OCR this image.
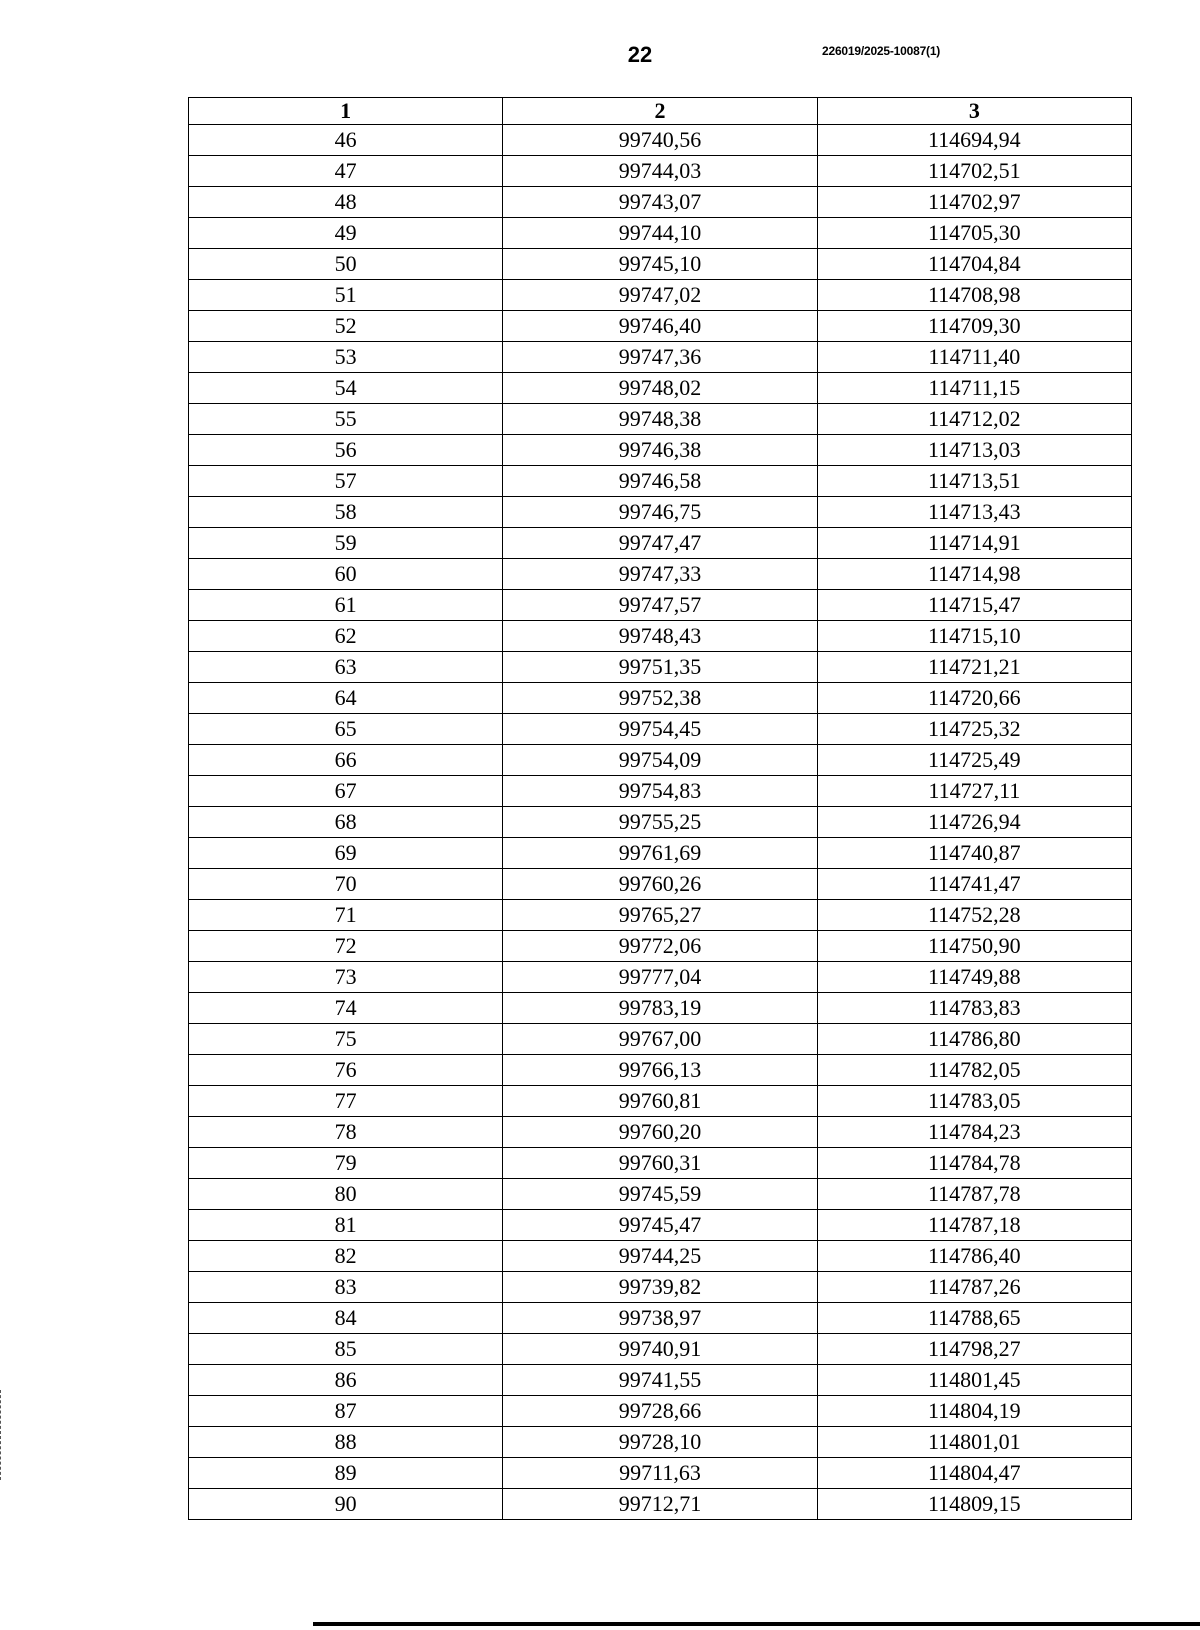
22	226019/2025-10087(1)
1	2	3
46	99740,56	114694,94
47	99744,03	114702,51
48	99743,07	114702,97
49	99744,10	114705,30
50	99745,10	114704,84
51	99747,02	114708,98
52	99746,40	114709,30
53	99747,36	114711,40
54	99748,02	114711,15
55	99748,38	114712,02
56	99746,38	114713,03
57	99746,58	114713,51
58	99746,75	114713,43
59	99747,47	114714,91
60	99747,33	114714,98
61	99747,57	114715,47
62	99748,43	114715,10
63	99751,35	114721,21
64	99752,38	114720,66
65	99754,45	114725,32
66	99754,09	114725,49
67	99754,83	114727,11
68	99755,25	114726,94
69	99761,69	114740,87
70	99760,26	114741,47
71	99765,27	114752,28
72	99772,06	114750,90
73	99777,04	114749,88
74	99783,19	114783,83
75	99767,00	114786,80
76	99766,13	114782,05
77	99760,81	114783,05
78	99760,20	114784,23
79	99760,31	114784,78
80	99745,59	114787,78
81	99745,47	114787,18
82	99744,25	114786,40
83	99739,82	114787,26
84	99738,97	114788,65
85	99740,91	114798,27
86	99741,55	114801,45
87	99728,66	114804,19
88	99728,10	114801,01
89	99711,63	114804,47
90	99712,71	114809,15
